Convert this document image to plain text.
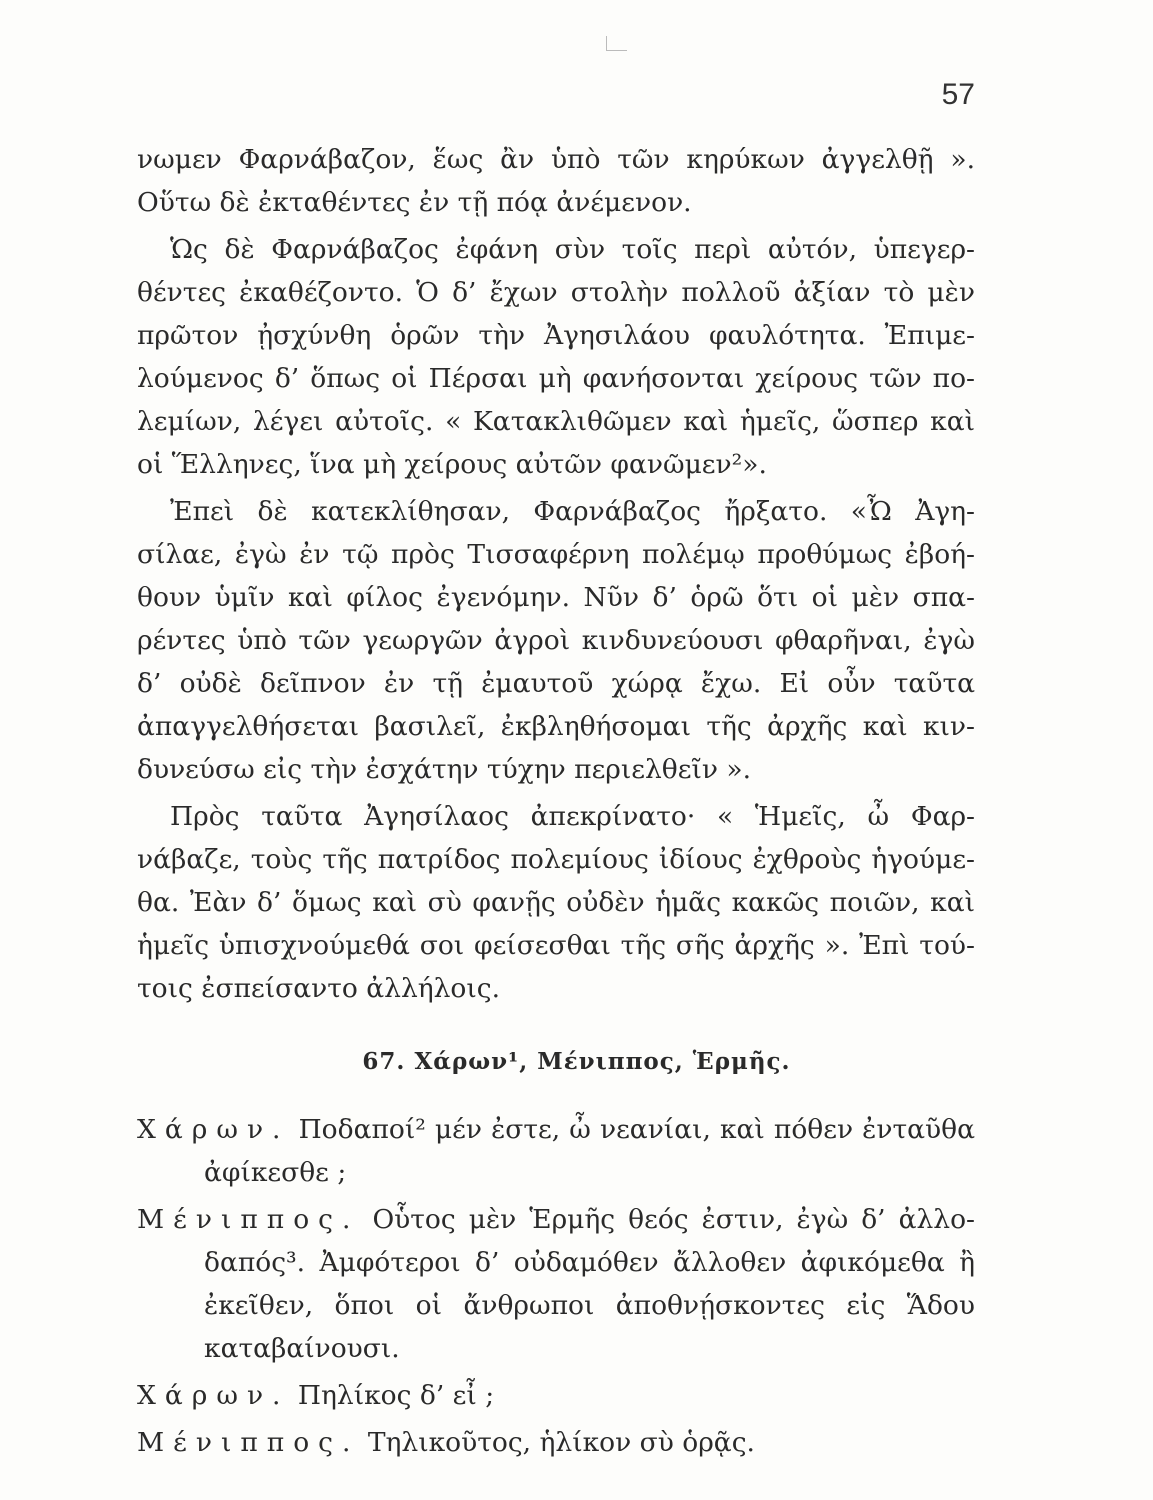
57
νωμεν Φαρνάβαζον, ἕως ἂν ὑπὸ τῶν κηρύκων ἀγγελθῇ ».
Οὕτω δὲ ἐκταθέντες ἐν τῇ πόᾳ ἀνέμενον.
Ὡς δὲ Φαρνάβαζος ἐφάνη σὺν τοῖς περὶ αὐτόν, ὑπεγερ-
θέντες ἐκαθέζοντο. Ὁ δ’ ἔχων στολὴν πολλοῦ ἀξίαν τὸ μὲν
πρῶτον ᾐσχύνθη ὁρῶν τὴν Ἀγησιλάου φαυλότητα. Ἐπιμε-
λούμενος δ’ ὅπως οἱ Πέρσαι μὴ φανήσονται χείρους τῶν πο-
λεμίων, λέγει αὐτοῖς. « Κατακλιθῶμεν καὶ ἡμεῖς, ὥσπερ καὶ
οἱ Ἕλληνες, ἵνα μὴ χείρους αὐτῶν φανῶμεν²».
Ἐπεὶ δὲ κατεκλίθησαν, Φαρνάβαζος ἤρξατο. «Ὦ Ἀγη-
σίλαε, ἐγὼ ἐν τῷ πρὸς Τισσαφέρνη πολέμῳ προθύμως ἐβοή-
θουν ὑμῖν καὶ φίλος ἐγενόμην. Νῦν δ’ ὁρῶ ὅτι οἱ μὲν σπα-
ρέντες ὑπὸ τῶν γεωργῶν ἀγροὶ κινδυνεύουσι φθαρῆναι, ἐγὼ
δ’ οὐδὲ δεῖπνον ἐν τῇ ἐμαυτοῦ χώρᾳ ἔχω. Εἰ οὖν ταῦτα
ἀπαγγελθήσεται βασιλεῖ, ἐκβληθήσομαι τῆς ἀρχῆς καὶ κιν-
δυνεύσω εἰς τὴν ἐσχάτην τύχην περιελθεῖν ».
Πρὸς ταῦτα Ἀγησίλαος ἀπεκρίνατο· « Ἡμεῖς, ὦ Φαρ-
νάβαζε, τοὺς τῆς πατρίδος πολεμίους ἰδίους ἐχθροὺς ἡγούμε-
θα. Ἐὰν δ’ ὅμως καὶ σὺ φανῇς οὐδὲν ἡμᾶς κακῶς ποιῶν, καὶ
ἡμεῖς ὑπισχνούμεθά σοι φείσεσθαι τῆς σῆς ἀρχῆς ». Ἐπὶ τού-
τοις ἐσπείσαντο ἀλλήλοις.
67. Χάρων¹, Μένιππος, Ἑρμῆς.
Χάρων. Ποδαποί² μέν ἐστε, ὦ νεανίαι, καὶ πόθεν ἐνταῦθα
ἀφίκεσθε ;
Μένιππος. Οὗτος μὲν Ἑρμῆς θεός ἐστιν, ἐγὼ δ’ ἀλλο-
δαπός³. Ἀμφότεροι δ’ οὐδαμόθεν ἄλλοθεν ἀφικόμεθα ἢ
ἐκεῖθεν, ὅποι οἱ ἄνθρωποι ἀποθνῄσκοντες εἰς Ἅδου
καταβαίνουσι.
Χάρων. Πηλίκος δ’ εἶ ;
Μένιππος. Τηλικοῦτος, ἡλίκον σὺ ὁρᾷς.
